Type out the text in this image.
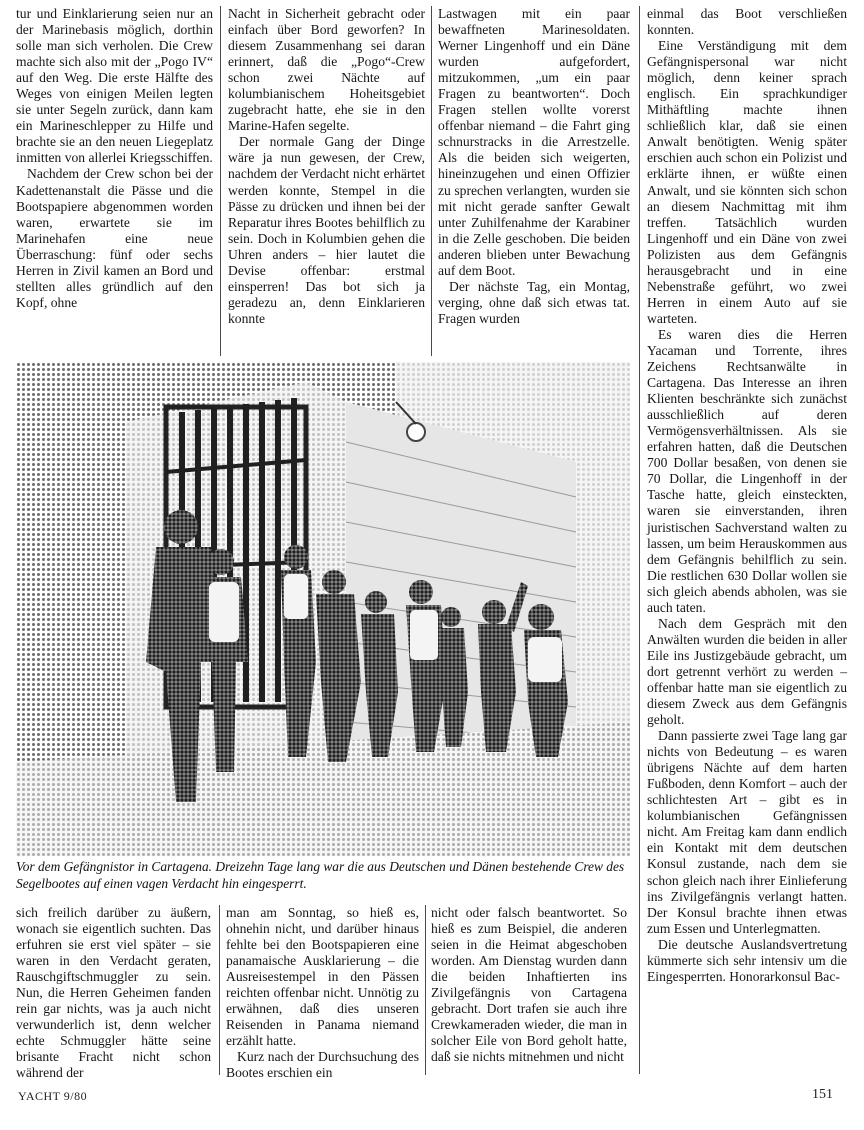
tur und Einklarierung seien nur an der Marinebasis möglich, dorthin solle man sich verholen. Die Crew machte sich also mit der „Pogo IV“ auf den Weg. Die erste Hälfte des Weges von einigen Meilen legten sie unter Segeln zurück, dann kam ein Marineschlepper zu Hilfe und brachte sie an den neuen Liegeplatz inmitten von allerlei Kriegsschiffen.

Nachdem der Crew schon bei der Kadettenanstalt die Pässe und die Bootspapiere abgenommen worden waren, erwartete sie im Marinehafen eine neue Überraschung: fünf oder sechs Herren in Zivil kamen an Bord und stellten alles gründlich auf den Kopf, ohne

Nacht in Sicherheit gebracht oder einfach über Bord geworfen? In diesem Zusammenhang sei daran erinnert, daß die „Pogo“-Crew schon zwei Nächte auf kolumbianischem Hoheitsgebiet zugebracht hatte, ehe sie in den Marine-Hafen segelte.

Der normale Gang der Dinge wäre ja nun gewesen, der Crew, nachdem der Verdacht nicht erhärtet werden konnte, Stempel in die Pässe zu drücken und ihnen bei der Reparatur ihres Bootes behilflich zu sein. Doch in Kolumbien gehen die Uhren anders – hier lautet die Devise offenbar: erstmal einsperren! Das bot sich ja geradezu an, denn Einklarieren konnte

Lastwagen mit ein paar bewaffneten Marinesoldaten. Werner Lingenhoff und ein Däne wurden aufgefordert, mitzukommen, „um ein paar Fragen zu beantworten“. Doch Fragen stellen wollte vorerst offenbar niemand – die Fahrt ging schnurstracks in die Arrestzelle. Als die beiden sich weigerten, hineinzugehen und einen Offizier zu sprechen verlangten, wurden sie mit nicht gerade sanfter Gewalt unter Zuhilfenahme der Karabiner in die Zelle geschoben. Die beiden anderen blieben unter Bewachung auf dem Boot.

Der nächste Tag, ein Montag, verging, ohne daß sich etwas tat. Fragen wurden

einmal das Boot verschließen konnten.

Eine Verständigung mit dem Gefängnispersonal war nicht möglich, denn keiner sprach englisch. Ein sprachkundiger Mithäftling machte ihnen schließlich klar, daß sie einen Anwalt benötigten. Wenig später erschien auch schon ein Polizist und erklärte ihnen, er wüßte einen Anwalt, und sie könnten sich schon an diesem Nachmittag mit ihm treffen. Tatsächlich wurden Lingenhoff und ein Däne von zwei Polizisten aus dem Gefängnis herausgebracht und in eine Nebenstraße geführt, wo zwei Herren in einem Auto auf sie warteten.

Es waren dies die Herren Yacaman und Torrente, ihres Zeichens Rechtsanwälte in Cartagena. Das Interesse an ihren Klienten beschränkte sich zunächst ausschließlich auf deren Vermögensverhältnissen. Als sie erfahren hatten, daß die Deutschen 700 Dollar besaßen, von denen sie 70 Dollar, die Lingenhoff in der Tasche hatte, gleich einsteckten, waren sie einverstanden, ihren juristischen Sachverstand walten zu lassen, um beim Herauskommen aus dem Gefängnis behilflich zu sein. Die restlichen 630 Dollar wollen sie sich gleich abends abholen, was sie auch taten.

Nach dem Gespräch mit den Anwälten wurden die beiden in aller Eile ins Justizgebäude gebracht, um dort getrennt verhört zu werden – offenbar hatte man sie eigentlich zu diesem Zweck aus dem Gefängnis geholt.

Dann passierte zwei Tage lang gar nichts von Bedeutung – es waren übrigens Nächte auf dem harten Fußboden, denn Komfort – auch der schlichtesten Art – gibt es in kolumbianischen Gefängnissen nicht. Am Freitag kam dann endlich ein Kontakt mit dem deutschen Konsul zustande, nach dem sie schon gleich nach ihrer Einlieferung ins Zivilgefängnis verlangt hatten. Der Konsul brachte ihnen etwas zum Essen und Unterlegmatten.

Die deutsche Auslandsvertretung kümmerte sich sehr intensiv um die Eingesperrten. Honorarkonsul Bac-

Vor dem Gefängnistor in Cartagena. Dreizehn Tage lang war die aus Deutschen und Dänen bestehende Crew des Segelbootes auf einen vagen Verdacht hin eingesperrt.

sich freilich darüber zu äußern, wonach sie eigentlich suchten. Das erfuhren sie erst viel später – sie waren in den Verdacht geraten, Rauschgiftschmuggler zu sein. Nun, die Herren Geheimen fanden rein gar nichts, was ja auch nicht verwunderlich ist, denn welcher echte Schmuggler hätte seine brisante Fracht nicht schon während der

man am Sonntag, so hieß es, ohnehin nicht, und darüber hinaus fehlte bei den Bootspapieren eine panamaische Ausklarierung – die Ausreisestempel in den Pässen reichten offenbar nicht. Unnötig zu erwähnen, daß dies unseren Reisenden in Panama niemand erzählt hatte.

Kurz nach der Durchsuchung des Bootes erschien ein

nicht oder falsch beantwortet. So hieß es zum Beispiel, die anderen seien in die Heimat abgeschoben worden. Am Dienstag wurden dann die beiden Inhaftierten ins Zivilgefängnis von Cartagena gebracht. Dort trafen sie auch ihre Crewkameraden wieder, die man in solcher Eile von Bord geholt hatte, daß sie nichts mitnehmen und nicht

YACHT 9/80	151
